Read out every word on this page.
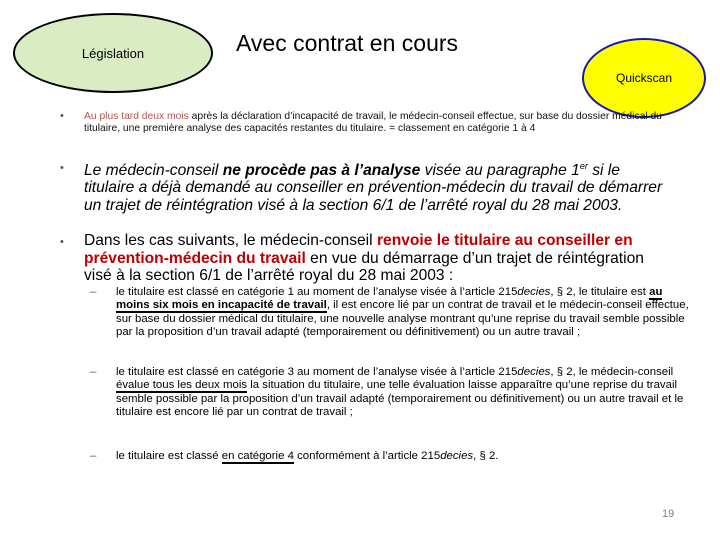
Législation	Avec contrat en cours
Quickscan
• Au plus tard deux mois après la déclaration d’incapacité de travail, le médecin-conseil effectue, sur base du dossier médical du titulaire, une première analyse des capacités restantes du titulaire. = classement en catégorie 1 à 4
• Le médecin-conseil ne procède pas à l’analyse visée au paragraphe 1er si le titulaire a déjà demandé au conseiller en prévention-médecin du travail de démarrer un trajet de réintégration visé à la section 6/1 de l’arrêté royal du 28 mai 2003.
• Dans les cas suivants, le médecin-conseil renvoie le titulaire au conseiller en prévention-médecin du travail en vue du démarrage d’un trajet de réintégration visé à la section 6/1 de l’arrêté royal du 28 mai 2003 :
– le titulaire est classé en catégorie 1 au moment de l’analyse visée à l’article 215decies, § 2, le titulaire est au moins six mois en incapacité de travail, il est encore lié par un contrat de travail et le médecin-conseil effectue, sur base du dossier médical du titulaire, une nouvelle analyse montrant qu’une reprise du travail semble possible par la proposition d’un travail adapté (temporairement ou définitivement) ou un autre travail ;
– le titulaire est classé en catégorie 3 au moment de l’analyse visée à l’article 215decies, § 2, le médecin-conseil évalue tous les deux mois la situation du titulaire, une telle évaluation laisse apparaître qu’une reprise du travail semble possible par la proposition d’un travail adapté (temporairement ou définitivement) ou un autre travail et le titulaire est encore lié par un contrat de travail ;
– le titulaire est classé en catégorie 4 conformément à l’article 215decies, § 2.
19
